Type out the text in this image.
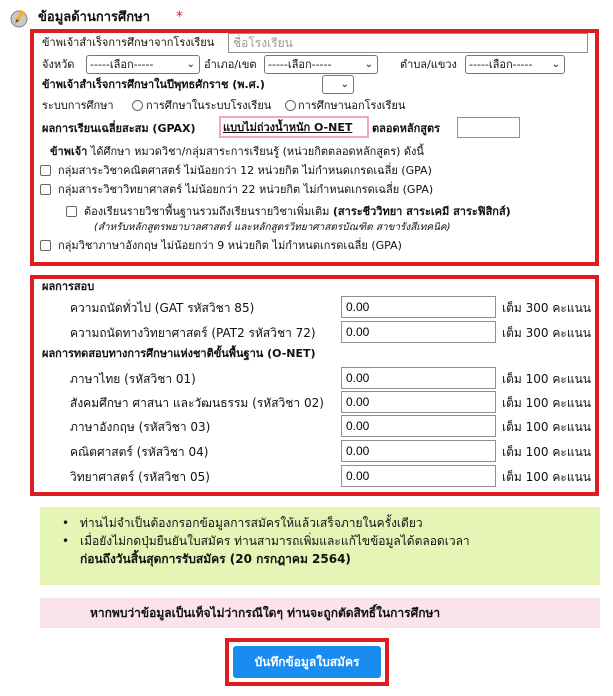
ข้อมูลด้านการศึกษา *
ข้าพเจ้าสำเร็จการศึกษาจากโรงเรียน
ชื่อโรงเรียน
จังหวัด	-----เลือก-----	⌄ อำเภอ/เขต	-----เลือก-----	⌄ ตำบล/แขวง	-----เลือก----- ⌄
ข้าพเจ้าสำเร็จการศึกษาในปีพุทธศักราช (พ.ศ.)	⌄
ระบบการศึกษา	การศึกษาในระบบโรงเรียน การศึกษานอกโรงเรียน
ผลการเรียนเฉลี่ยสะสม (GPAX) แบบไม่ถ่วงน้ำหนัก O-NET ตลอดหลักสูตร
ข้าพเจ้า ได้ศึกษา หมวดวิชา/กลุ่มสาระการเรียนรู้ (หน่วยกิตตลอดหลักสูตร) ดังนี้
กลุ่มสาระวิชาคณิตศาสตร์ ไม่น้อยกว่า 12 หน่วยกิต ไม่กำหนดเกรดเฉลี่ย (GPA)
กลุ่มสาระวิชาวิทยาศาสตร์ ไม่น้อยกว่า 22 หน่วยกิต ไม่กำหนดเกรดเฉลี่ย (GPA)
ต้องเรียนรายวิชาพื้นฐานรวมถึงเรียนรายวิชาเพิ่มเติม (สาระชีววิทยา สาระเคมี สาระฟิสิกส์)
(สำหรับหลักสูตรพยาบาลศาสตร์ และหลักสูตรวิทยาศาสตรบัณฑิต สาขารังสีเทคนิค)
กลุ่มวิชาภาษาอังกฤษ ไม่น้อยกว่า 9 หน่วยกิต ไม่กำหนดเกรดเฉลี่ย (GPA)
ผลการสอบ
ความถนัดทั่วไป (GAT รหัสวิชา 85)
0.00	เต็ม 300 คะแนน
ความถนัดทางวิทยาศาสตร์ (PAT2 รหัสวิชา 72)
0.00	เต็ม 300 คะแนน
ผลการทดสอบทางการศึกษาแห่งชาติขั้นพื้นฐาน (O-NET)
ภาษาไทย (รหัสวิชา 01)
0.00	เต็ม 100 คะแนน
สังคมศึกษา ศาสนา และวัฒนธรรม (รหัสวิชา 02)
0.00	เต็ม 100 คะแนน
ภาษาอังกฤษ (รหัสวิชา 03)
0.00	เต็ม 100 คะแนน
คณิตศาสตร์ (รหัสวิชา 04)
0.00	เต็ม 100 คะแนน
วิทยาศาสตร์ (รหัสวิชา 05)
0.00	เต็ม 100 คะแนน
• ท่านไม่จำเป็นต้องกรอกข้อมูลการสมัครให้แล้วเสร็จภายในครั้งเดียว
• เมื่อยังไม่กดปุ่มยืนยันใบสมัคร ท่านสามารถเพิ่มและแก้ไขข้อมูลได้ตลอดเวลา
ก่อนถึงวันสิ้นสุดการรับสมัคร (20 กรกฎาคม 2564)
หากพบว่าข้อมูลเป็นเท็จไม่ว่ากรณีใดๆ ท่านจะถูกตัดสิทธิ์ในการศึกษา
บันทึกข้อมูลใบสมัคร
